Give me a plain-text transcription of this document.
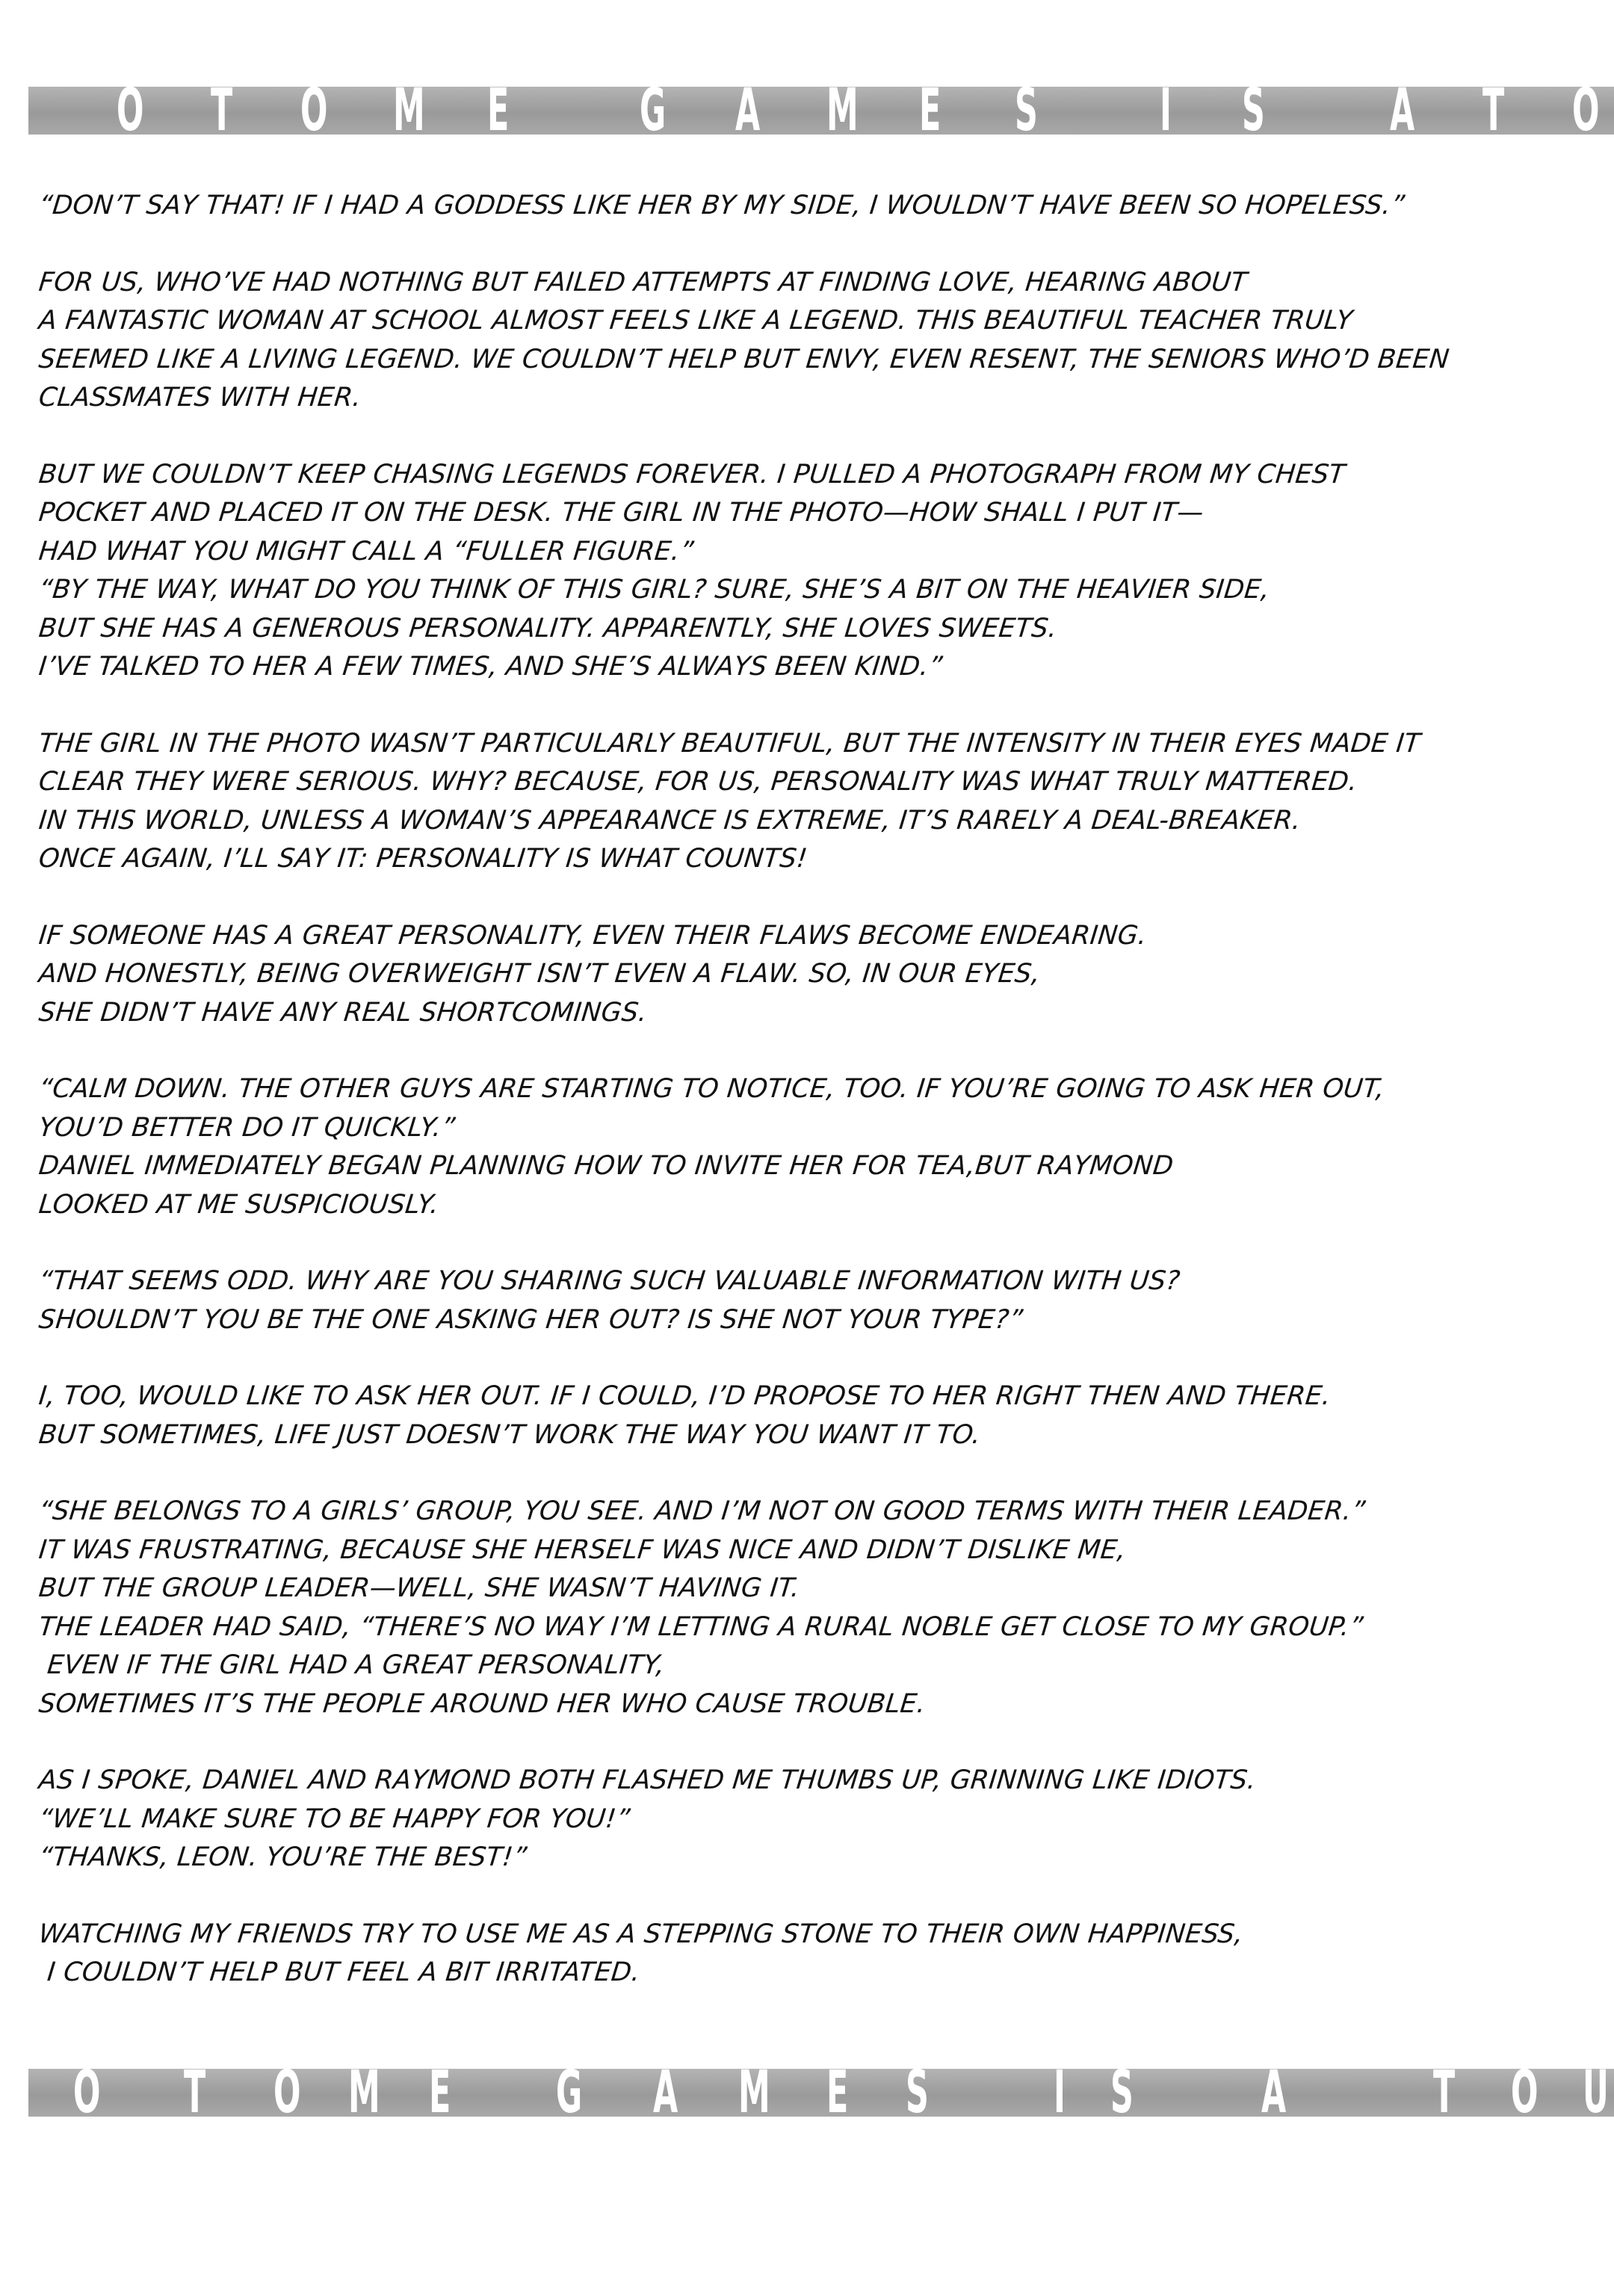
O T O M E G A M E S I S A T O
“DON’T SAY THAT! IF I HAD A GODDESS LIKE HER BY MY SIDE, I WOULDN’T HAVE BEEN SO HOPELESS.”
FOR US, WHO’VE HAD NOTHING BUT FAILED ATTEMPTS AT FINDING LOVE, HEARING ABOUT
A FANTASTIC WOMAN AT SCHOOL ALMOST FEELS LIKE A LEGEND. THIS BEAUTIFUL TEACHER TRULY
SEEMED LIKE A LIVING LEGEND. WE COULDN’T HELP BUT ENVY, EVEN RESENT, THE SENIORS WHO’D BEEN
CLASSMATES WITH HER.
BUT WE COULDN’T KEEP CHASING LEGENDS FOREVER. I PULLED A PHOTOGRAPH FROM MY CHEST
POCKET AND PLACED IT ON THE DESK. THE GIRL IN THE PHOTO—HOW SHALL I PUT IT—
HAD WHAT YOU MIGHT CALL A “FULLER FIGURE.”
“BY THE WAY, WHAT DO YOU THINK OF THIS GIRL? SURE, SHE’S A BIT ON THE HEAVIER SIDE,
BUT SHE HAS A GENEROUS PERSONALITY. APPARENTLY, SHE LOVES SWEETS.
I’VE TALKED TO HER A FEW TIMES, AND SHE’S ALWAYS BEEN KIND.”
THE GIRL IN THE PHOTO WASN’T PARTICULARLY BEAUTIFUL, BUT THE INTENSITY IN THEIR EYES MADE IT
CLEAR THEY WERE SERIOUS. WHY? BECAUSE, FOR US, PERSONALITY WAS WHAT TRULY MATTERED.
IN THIS WORLD, UNLESS A WOMAN’S APPEARANCE IS EXTREME, IT’S RARELY A DEAL-BREAKER.
ONCE AGAIN, I’LL SAY IT: PERSONALITY IS WHAT COUNTS!
IF SOMEONE HAS A GREAT PERSONALITY, EVEN THEIR FLAWS BECOME ENDEARING.
AND HONESTLY, BEING OVERWEIGHT ISN’T EVEN A FLAW. SO, IN OUR EYES,
SHE DIDN’T HAVE ANY REAL SHORTCOMINGS.
“CALM DOWN. THE OTHER GUYS ARE STARTING TO NOTICE, TOO. IF YOU’RE GOING TO ASK HER OUT,
YOU’D BETTER DO IT QUICKLY.”
DANIEL IMMEDIATELY BEGAN PLANNING HOW TO INVITE HER FOR TEA,BUT RAYMOND
LOOKED AT ME SUSPICIOUSLY.
“THAT SEEMS ODD. WHY ARE YOU SHARING SUCH VALUABLE INFORMATION WITH US?
SHOULDN’T YOU BE THE ONE ASKING HER OUT? IS SHE NOT YOUR TYPE?”
I, TOO, WOULD LIKE TO ASK HER OUT. IF I COULD, I’D PROPOSE TO HER RIGHT THEN AND THERE.
BUT SOMETIMES, LIFE JUST DOESN’T WORK THE WAY YOU WANT IT TO.
“SHE BELONGS TO A GIRLS’ GROUP, YOU SEE. AND I’M NOT ON GOOD TERMS WITH THEIR LEADER.”
IT WAS FRUSTRATING, BECAUSE SHE HERSELF WAS NICE AND DIDN’T DISLIKE ME,
BUT THE GROUP LEADER—WELL, SHE WASN’T HAVING IT.
THE LEADER HAD SAID, “THERE’S NO WAY I’M LETTING A RURAL NOBLE GET CLOSE TO MY GROUP.”
EVEN IF THE GIRL HAD A GREAT PERSONALITY,
SOMETIMES IT’S THE PEOPLE AROUND HER WHO CAUSE TROUBLE.
AS I SPOKE, DANIEL AND RAYMOND BOTH FLASHED ME THUMBS UP, GRINNING LIKE IDIOTS.
“WE’LL MAKE SURE TO BE HAPPY FOR YOU!”
“THANKS, LEON. YOU’RE THE BEST!”
WATCHING MY FRIENDS TRY TO USE ME AS A STEPPING STONE TO THEIR OWN HAPPINESS,
I COULDN’T HELP BUT FEEL A BIT IRRITATED.
O T O M E G A M E S I S A	T O U
